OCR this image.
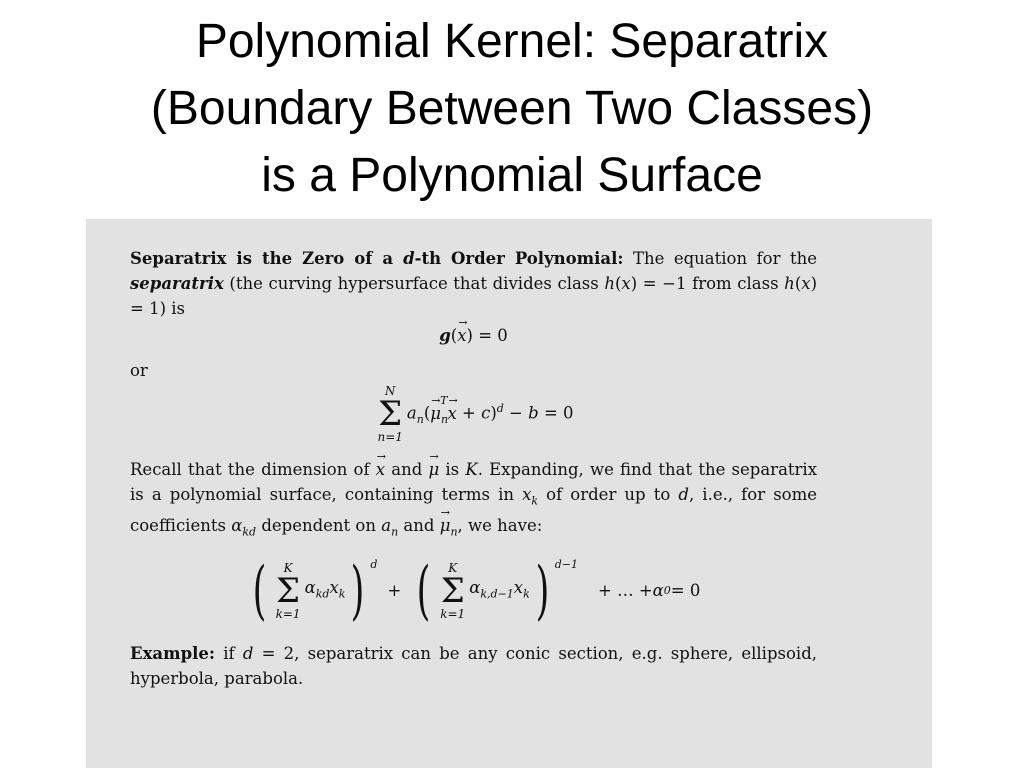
Polynomial Kernel: Separatrix
(Boundary Between Two Classes)
is a Polynomial Surface
Separatrix is the Zero of a d-th Order Polynomial: The equation for the separatrix (the curving hypersurface that divides class h(x) = −1 from class h(x) = 1) is
g ( x → ) = 0
or
N
Σ
n=1
$a_n(\mu \to_n^Tx$ → + c)$^d$ − b = 0
Recall that the dimension of x → and μ → is K. Expanding, we find that the separatrix is a polynomial surface, containing terms in $x_k$ of order up to d, i.e., for some coefficients $\alpha_{kd}$ dependent on $a_n$ and $\mu \to_n$, we have:
( K
Σ
k=1
$\alpha_{kd}x_k$ ) $^d$
+ ( K
Σ
k=1
$\alpha_{k,d-1}x_k$ ) $^{d-1}$
+ … + α 0 = 0
Example: if d = 2, separatrix can be any conic section, e.g. sphere, ellipsoid, hyperbola, parabola.
